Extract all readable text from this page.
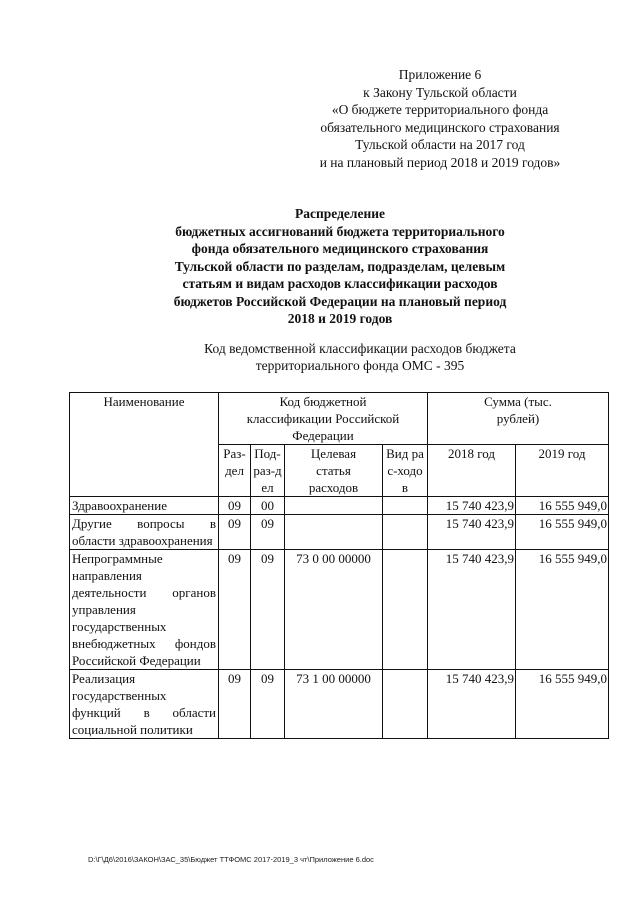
Приложение 6
к Закону Тульской области
«О бюджете территориального фонда
обязательного медицинского страхования
Тульской области на 2017 год
и на плановый период 2018 и 2019 годов»
Распределение
бюджетных ассигнований бюджета территориального
фонда обязательного медицинского страхования
Тульской области по разделам, подразделам, целевым
статьям и видам расходов классификации расходов
бюджетов Российской Федерации на плановый период
2018 и 2019 годов
Код ведомственной классификации расходов бюджета
территориального фонда ОМС - 395
Наименование	Код бюджетной классификации Российской Федерации				Сумма (тыс. рублей)	
	Раз-дел	Под-раз-дел	Целевая статья расходов	Вид рас-ходов	2018 год	2019 год
Здравоохранение	09	00			15 740 423,9	16 555 949,0
Другие вопросы в области здравоохранения	09	09			15 740 423,9	16 555 949,0
Непрограммные направления деятельности органов управления государственных внебюджетных фондов Российской Федерации	09	09	73 0 00 00000		15 740 423,9	16 555 949,0
Реализация государственных функций в области социальной политики	09	09	73 1 00 00000		15 740 423,9	16 555 949,0
D:\Г\Д6\2016\ЗАКОН\ЗАС_35\Бюджет ТТФОМС 2017-2019_3 чт\Приложение 6.doc
